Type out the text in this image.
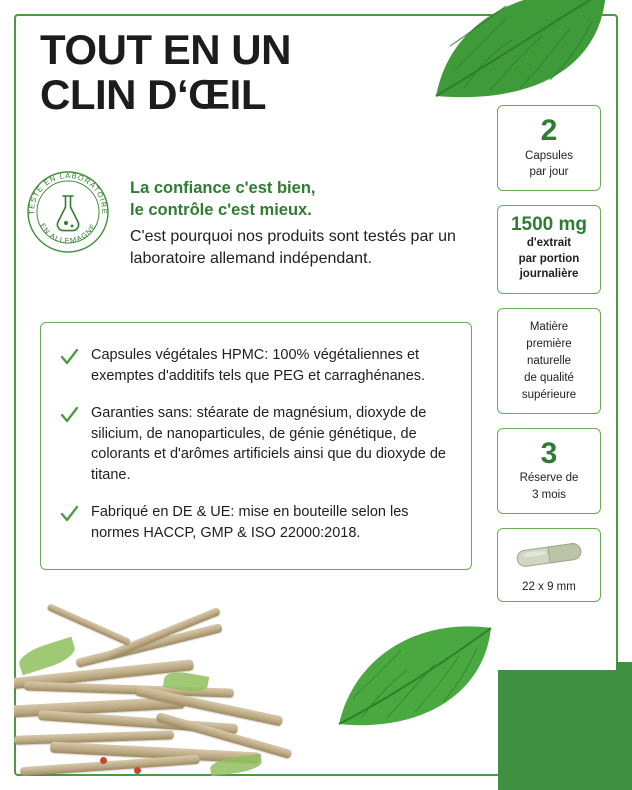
TOUT EN UN
CLIN D‘ŒIL
TESTE EN LABORATOIRE
EN ALLEMAGNE
La confiance c'est bien,
le contrôle c'est mieux.

C'est pourquoi nos produits sont testés par un laboratoire allemand indépendant.

Capsules végétales HPMC: 100% végétaliennes et exemptes d'additifs tels que PEG et carraghénanes.
Garanties sans: stéarate de magnésium, dioxyde de silicium, de nanoparticules, de génie génétique, de colorants et d'arômes artificiels ainsi que du dioxyde de titane.
Fabriqué en DE & UE: mise en bouteille selon les normes HACCP, GMP & ISO 22000:2018.
2
Capsules
par jour
1500 mg
d'extrait
par portion
journalière
Matière
première
naturelle
de qualité
supérieure
3
Réserve de
3 mois
22 x 9 mm
